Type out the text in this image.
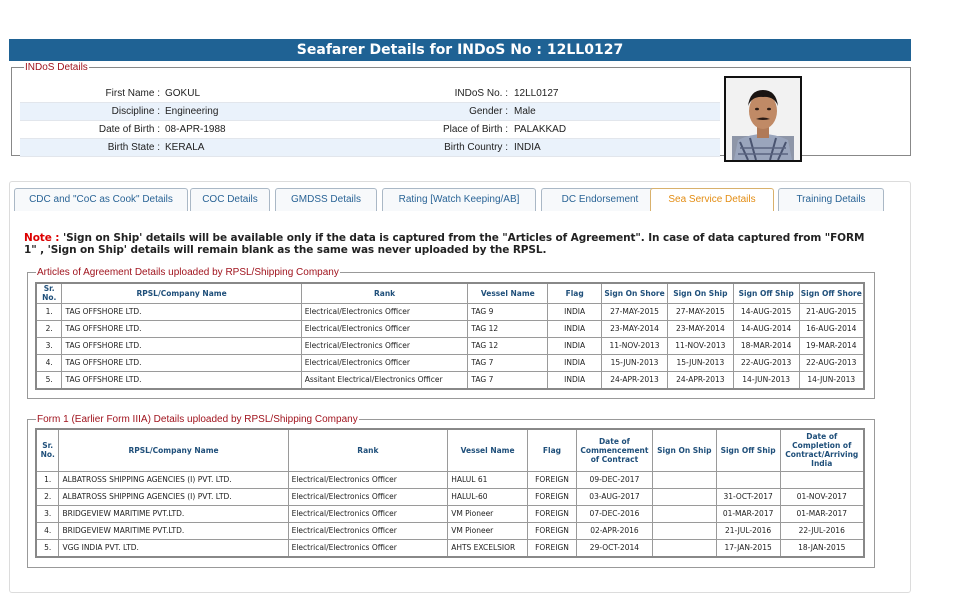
Seafarer Details for INDoS No : 12LL0127
INDoS Details
First Name : GOKUL	INDoS No. : 12LL0127
Discipline : Engineering	Gender : Male
Date of Birth : 08-APR-1988	Place of Birth : PALAKKAD
Birth State : KERALA	Birth Country : INDIA
CDC and "CoC as Cook" Details	COC Details	GMDSS Details	Rating [Watch Keeping/AB]	DC Endorsement	Sea Service Details	Training Details
Note : 'Sign on Ship' details will be available only if the data is captured from the "Articles of Agreement". In case of data captured from "FORM 1" , 'Sign on Ship' details will remain blank as the same was never uploaded by the RPSL.
Articles of Agreement Details uploaded by RPSL/Shipping Company
Sr. No.	RPSL/Company Name	Rank	Vessel Name	Flag	Sign On Shore	Sign On Ship	Sign Off Ship	Sign Off Shore
1.	TAG OFFSHORE LTD.	Electrical/Electronics Officer	TAG 9	INDIA	27-MAY-2015	27-MAY-2015	14-AUG-2015	21-AUG-2015
2.	TAG OFFSHORE LTD.	Electrical/Electronics Officer	TAG 12	INDIA	23-MAY-2014	23-MAY-2014	14-AUG-2014	16-AUG-2014
3.	TAG OFFSHORE LTD.	Electrical/Electronics Officer	TAG 12	INDIA	11-NOV-2013	11-NOV-2013	18-MAR-2014	19-MAR-2014
4.	TAG OFFSHORE LTD.	Electrical/Electronics Officer	TAG 7	INDIA	15-JUN-2013	15-JUN-2013	22-AUG-2013	22-AUG-2013
5.	TAG OFFSHORE LTD.	Assitant Electrical/Electronics Officer	TAG 7	INDIA	24-APR-2013	24-APR-2013	14-JUN-2013	14-JUN-2013
Form 1 (Earlier Form IIIA) Details uploaded by RPSL/Shipping Company
Sr. No.	RPSL/Company Name	Rank	Vessel Name	Flag	Date of Commencement of Contract	Sign On Ship	Sign Off Ship	Date of Completion of Contract/Arriving India
1.	ALBATROSS SHIPPING AGENCIES (I) PVT. LTD.	Electrical/Electronics Officer	HALUL 61	FOREIGN	09-DEC-2017			
2.	ALBATROSS SHIPPING AGENCIES (I) PVT. LTD.	Electrical/Electronics Officer	HALUL-60	FOREIGN	03-AUG-2017		31-OCT-2017	01-NOV-2017
3.	BRIDGEVIEW MARITIME PVT.LTD.	Electrical/Electronics Officer	VM Pioneer	FOREIGN	07-DEC-2016		01-MAR-2017	01-MAR-2017
4.	BRIDGEVIEW MARITIME PVT.LTD.	Electrical/Electronics Officer	VM Pioneer	FOREIGN	02-APR-2016		21-JUL-2016	22-JUL-2016
5.	VGG INDIA PVT. LTD.	Electrical/Electronics Officer	AHTS EXCELSIOR	FOREIGN	29-OCT-2014		17-JAN-2015	18-JAN-2015
